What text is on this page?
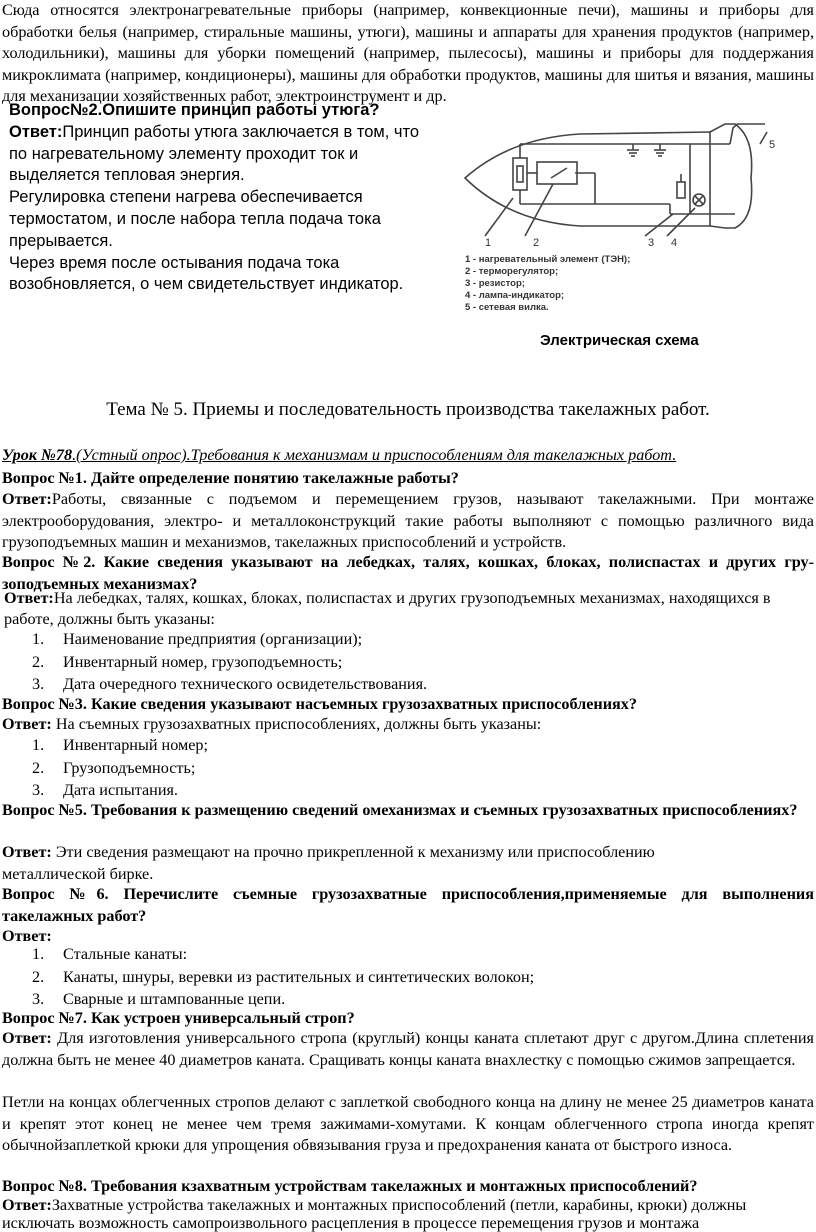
Сюда относятся электронагревательные приборы (например, конвекционные печи), машины и приборы для обработки белья (например, стиральные машины, утюги), машины и аппараты для хранения продуктов (например, холодильники), машины для уборки помещений (например, пылесосы), машины и приборы для поддержания микроклимата (например, кондиционеры), машины для обработки продуктов, машины для шитья и вязания, машины для механизации хозяйственных работ, электроинструмент и др.
Вопрос№2.Опишите принцип работы утюга?
Ответ:Принцип работы утюга заключается в том, что
по нагревательному элементу проходит ток и
выделяется тепловая энергия.
Регулировка степени нагрева обеспечивается
термостатом, и после набора тепла подача тока
прерывается.
Через время после остывания подача тока
возобновляется, о чем свидетельствует индикатор.
1	2	3 4
5
1 - нагревательный элемент (ТЭН);
2 - терморегулятор;
3 - резистор;
4 - лампа-индикатор;
5 - сетевая вилка.
Электрическая схема
Тема № 5. Приемы и последовательность производства такелажных работ.
Урок №78.(Устный опрос).Требования к механизмам и приспособлениям для такелажных работ.
Вопрос №1. Дайте определение понятию такелажные работы?
Ответ:Работы, связанные с подъемом и перемещением грузов, называют такелажными. При монтаже электрооборудования, электро- и металлоконструкций такие работы выполняют с помощью различного вида грузоподъемных машин и механизмов, такелажных приспособлений и устройств.
Вопрос №2. Какие сведения указывают на лебедках, талях, кошках, блоках, полиспастах и других гру-зоподъемных механизмах?
Ответ:На лебедках, талях, кошках, блоках, полиспастах и других грузоподъемных механизмах, находящихся в работе, должны быть указаны:
1. Наименование предприятия (организации);
2. Инвентарный номер, грузоподъемность;
3. Дата очередного технического освидетельствования.
Вопрос №3. Какие сведения указывают насъемных грузозахватных приспособлениях?
Ответ: На съемных грузозахватных приспособлениях, должны быть указаны:
1. Инвентарный номер;
2. Грузоподъемность;
3. Дата испытания.
Вопрос №5. Требования к размещению сведений омеханизмах и съемных грузозахватных приспособлениях?
Ответ: Эти сведения размещают на прочно прикрепленной к механизму или приспособлению металлической бирке.
Вопрос №6. Перечислите съемные грузозахватные приспособления,применяемые для выполнения такелажных работ?
Ответ:
1. Стальные канаты:
2. Канаты, шнуры, веревки из растительных и синтетических волокон;
3. Сварные и штампованные цепи.
Вопрос №7. Как устроен универсальный строп?
Ответ: Для изготовления универсального стропа (круглый) концы каната сплетают друг с другом.Длина сплетения должна быть не менее 40 диаметров каната. Сращивать концы каната внахлестку с помощью сжимов запрещается.
Петли на концах облегченных стропов делают с заплеткой свободного конца на длину не менее 25 диаметров каната и крепят этот конец не менее чем тремя зажимами-хомутами. К концам облегченного стропа иногда крепят обычнойзаплеткой крюки для упрощения обвязывания груза и предохранения каната от быстрого износа.
Вопрос №8. Требования кзахватным устройствам такелажных и монтажных приспособлений?
Ответ:Захватные устройства такелажных и монтажных приспособлений (петли, карабины, крюки) должны исключать возможность самопроизвольного расцепления в процессе перемещения грузов и монтажа
